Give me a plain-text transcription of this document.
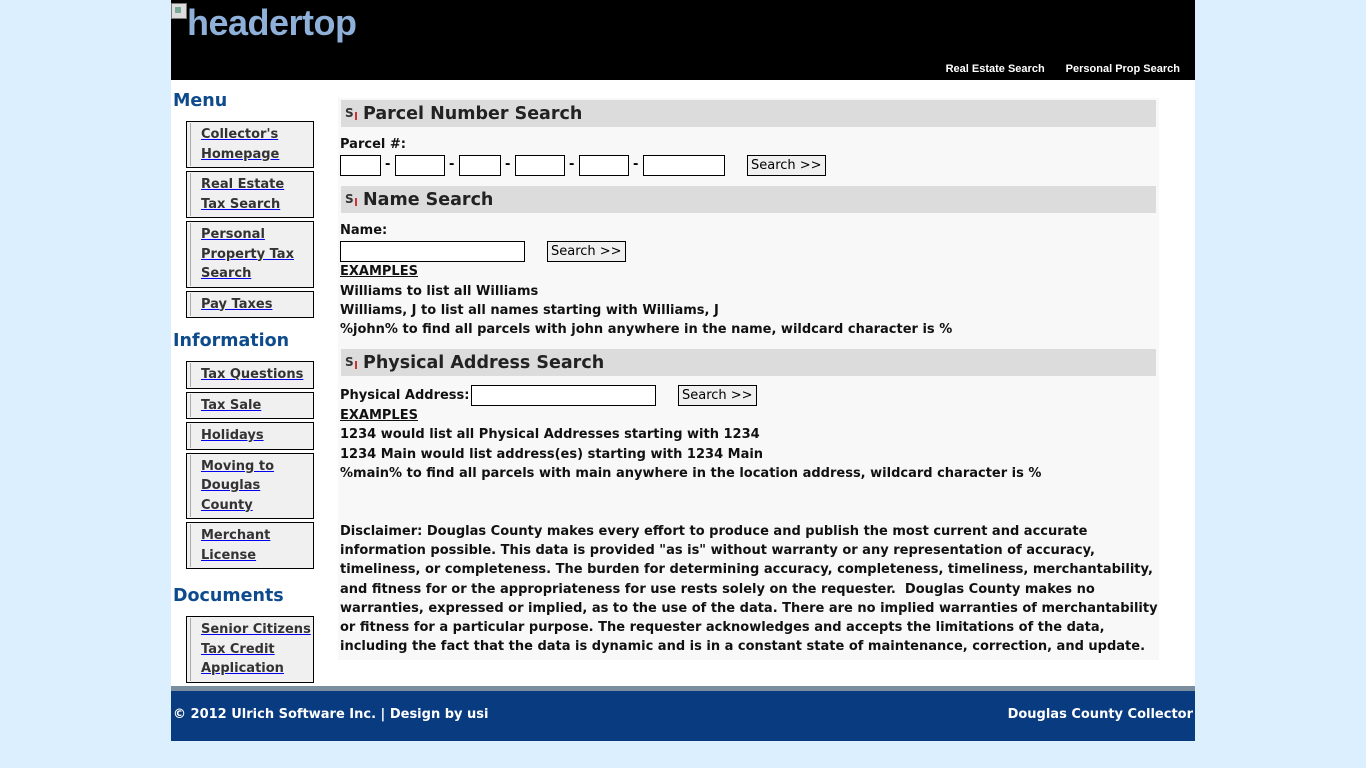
headertop
Real Estate Search Personal Prop Search
Menu
Collector's
Homepage
Real Estate
Tax Search
Personal
Property Tax
Search
Pay Taxes
Information
Tax Questions
Tax Sale
Holidays
Moving to
Douglas
County
Merchant
License
Documents
Senior Citizens
Tax Credit
Application
S
Parcel Number Search
Parcel #:
-	-	-	-	-	Search >>
S
Name Search
Name:
Search >>
EXAMPLES
Williams to list all Williams
Williams, J to list all names starting with Williams, J
%john% to find all parcels with john anywhere in the name, wildcard character is %
S
Physical Address Search
Physical Address:	Search >>
EXAMPLES
1234 would list all Physical Addresses starting with 1234
1234 Main would list address(es) starting with 1234 Main
%main% to find all parcels with main anywhere in the location address, wildcard character is %
Disclaimer: Douglas County makes every effort to produce and publish the most current and accurate information possible. This data is provided "as is" without warranty or any representation of accuracy, timeliness, or completeness. The burden for determining accuracy, completeness, timeliness, merchantability, and fitness for or the appropriateness for use rests solely on the requester.  Douglas County makes no warranties, expressed or implied, as to the use of the data. There are no implied warranties of merchantability or fitness for a particular purpose. The requester acknowledges and accepts the limitations of the data, including the fact that the data is dynamic and is in a constant state of maintenance, correction, and update.
© 2012 Ulrich Software Inc. | Design by usi	Douglas County Collector
